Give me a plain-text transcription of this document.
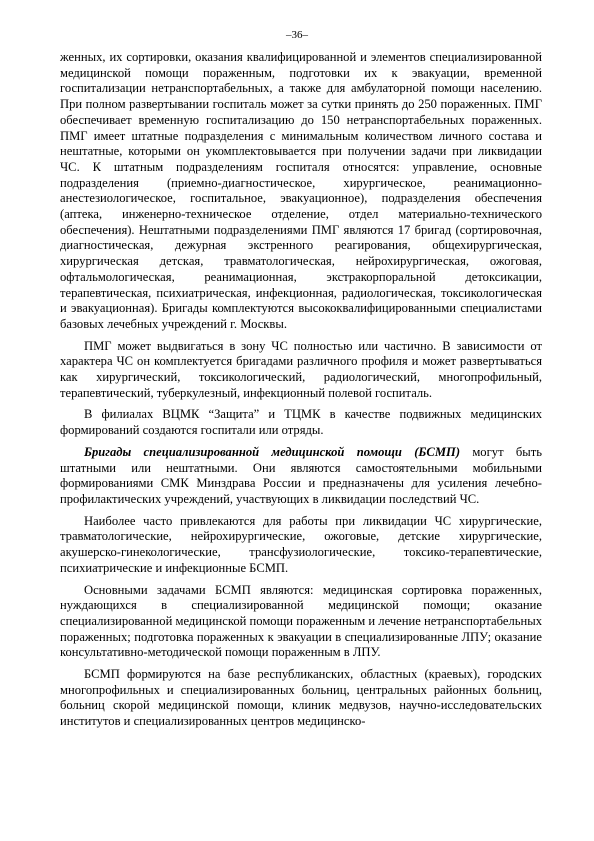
–36–

женных, их сортировки, оказания квалифицированной и элементов специализированной медицинской помощи пораженным, подготовки их к эвакуации, временной госпитализации нетранспортабельных, а также для амбулаторной помощи населению. При полном развертывании госпиталь может за сутки принять до 250 пораженных. ПМГ обеспечивает временную госпитализацию до 150 нетранспортабельных пораженных. ПМГ имеет штатные подразделения с минимальным количеством личного состава и нештатные, которыми он укомплектовывается при получении задачи при ликвидации ЧС. К штатным подразделениям госпиталя относятся: управление, основные подразделения (приемно-диагностическое, хирургическое, реанимационно-анестезиологическое, госпитальное, эвакуационное), подразделения обеспечения (аптека, инженерно-техническое отделение, отдел материально-технического обеспечения). Нештатными подразделениями ПМГ являются 17 бригад (сортировочная, диагностическая, дежурная экстренного реагирования, общехирургическая, хирургическая детская, травматологическая, нейрохирургическая, ожоговая, офтальмологическая, реанимационная, экстракорпоральной детоксикации, терапевтическая, психиатрическая, инфекционная, радиологическая, токсикологическая и эвакуационная). Бригады комплектуются высококвалифицированными специалистами базовых лечебных учреждений г. Москвы.

ПМГ может выдвигаться в зону ЧС полностью или частично. В зависимости от характера ЧС он комплектуется бригадами различного профиля и может развертываться как хирургический, токсикологический, радиологический, многопрофильный, терапевтический, туберкулезный, инфекционный полевой госпиталь.

В филиалах ВЦМК “Защита” и ТЦМК в качестве подвижных медицинских формирований создаются госпитали или отряды.

Бригады специализированной медицинской помощи (БСМП) могут быть штатными или нештатными. Они являются самостоятельными мобильными формированиями СМК Минздрава России и предназначены для усиления лечебно-профилактических учреждений, участвующих в ликвидации последствий ЧС.

Наиболее часто привлекаются для работы при ликвидации ЧС хирургические, травматологические, нейрохирургические, ожоговые, детские хирургические, акушерско-гинекологические, трансфузиологические, токсико-терапевтические, психиатрические и инфекционные БСМП.

Основными задачами БСМП являются: медицинская сортировка пораженных, нуждающихся в специализированной медицинской помощи; оказание специализированной медицинской помощи пораженным и лечение нетранспортабельных пораженных; подготовка пораженных к эвакуации в специализированные ЛПУ; оказание консультативно-методической помощи пораженным в ЛПУ.

БСМП формируются на базе республиканских, областных (краевых), городских многопрофильных и специализированных больниц, центральных районных больниц, больниц скорой медицинской помощи, клиник медвузов, научно-исследовательских институтов и специализированных центров медицинско-
